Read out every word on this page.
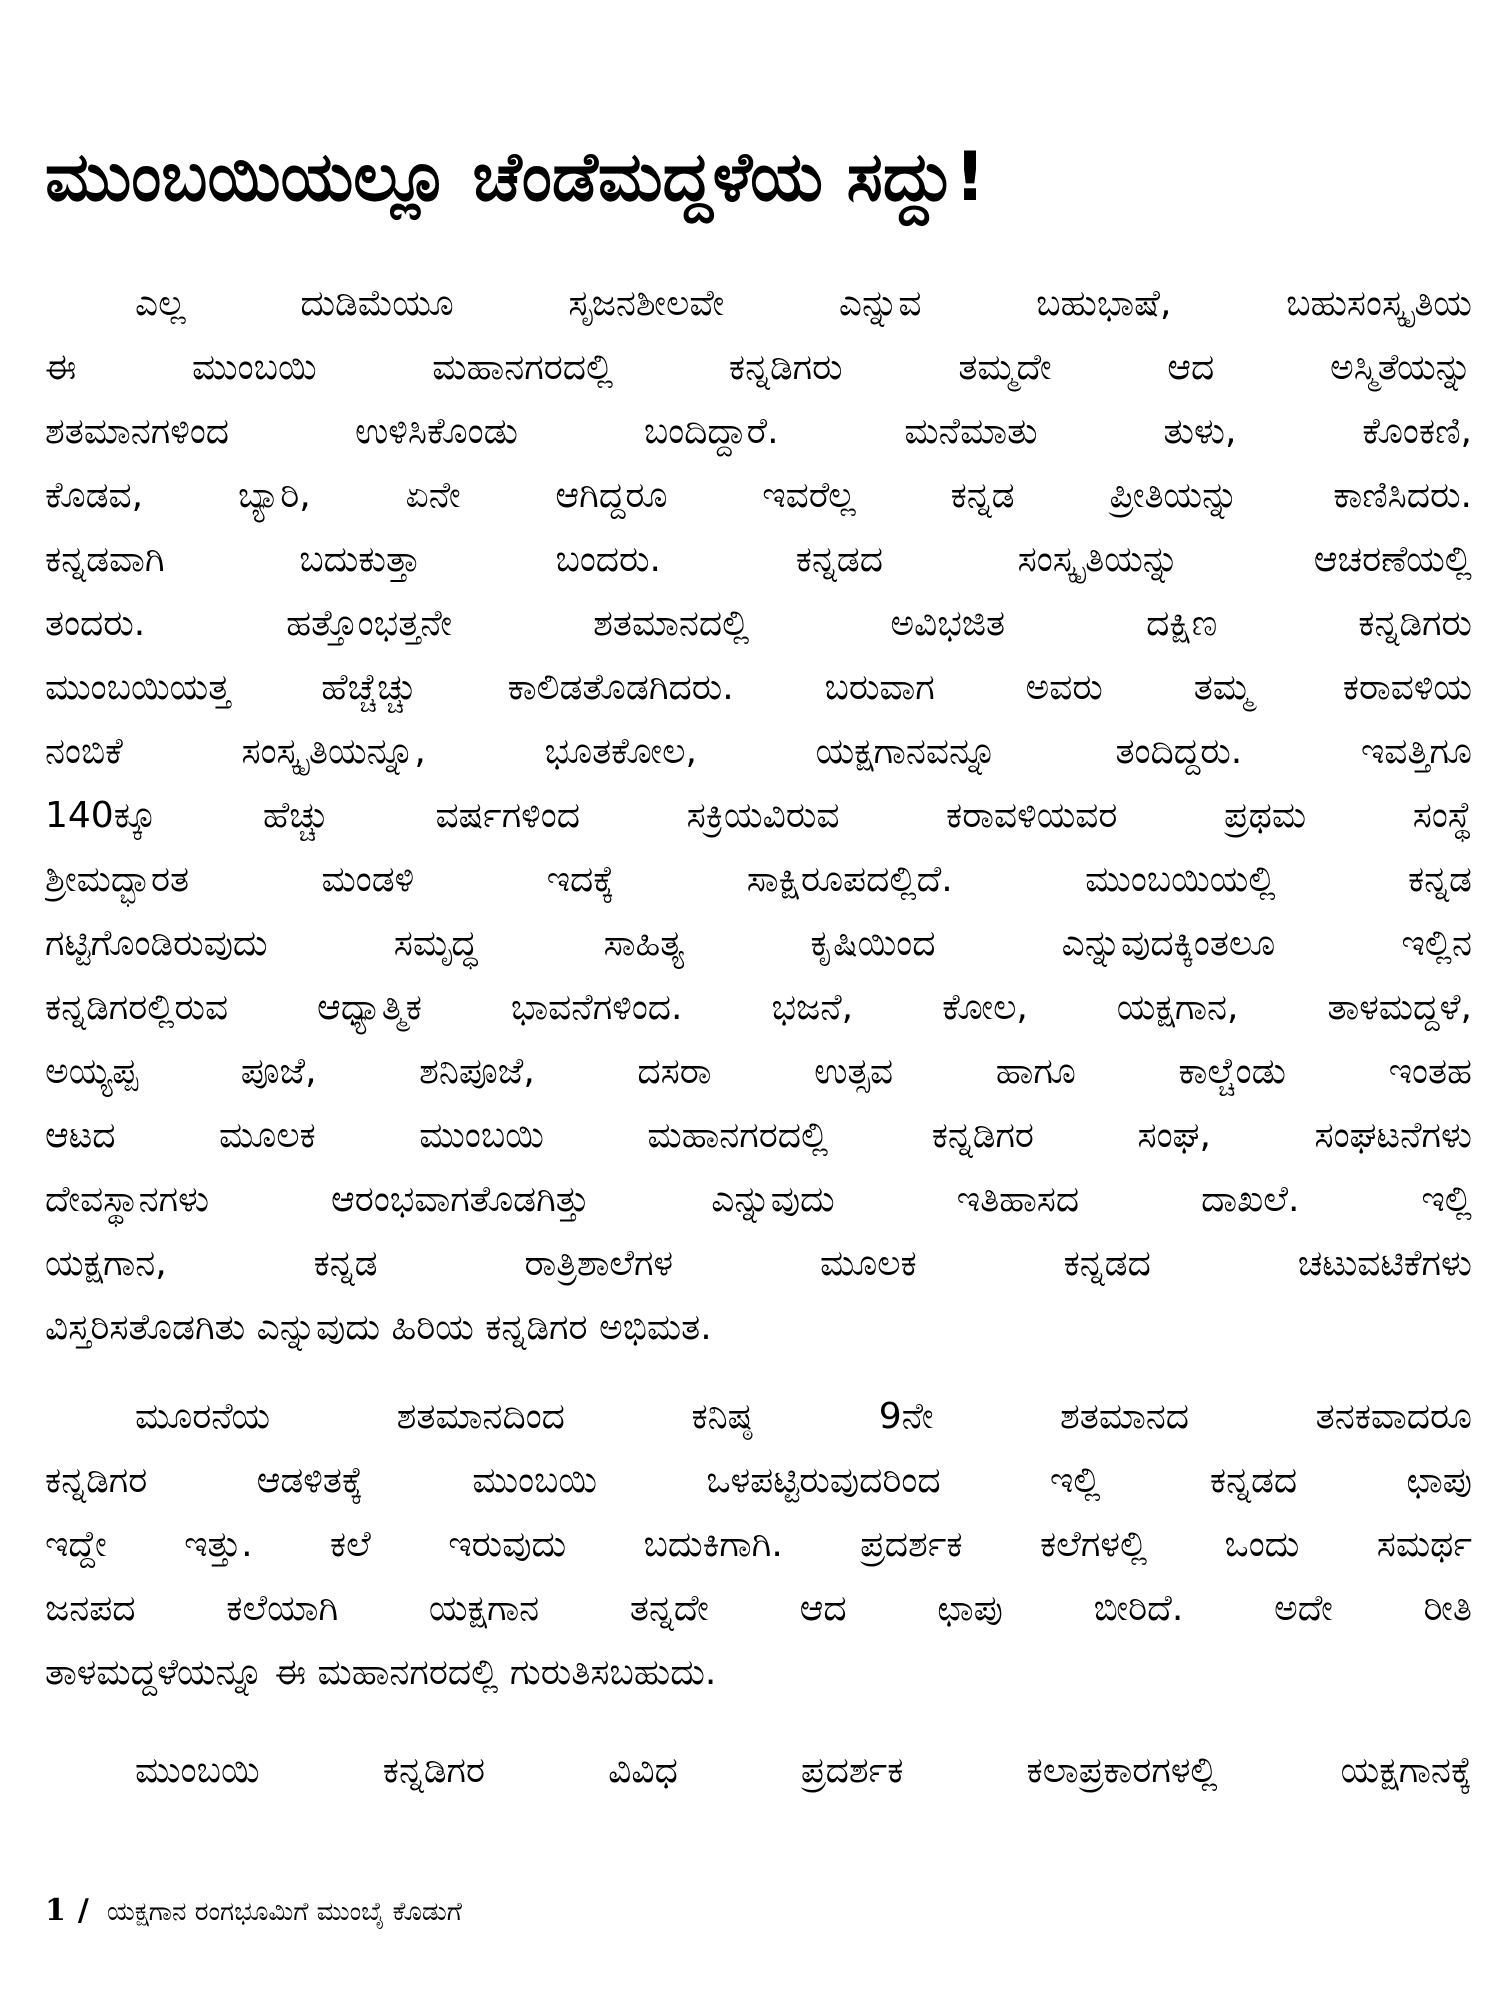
ಮುಂಬಯಿಯಲ್ಲೂ ಚೆಂಡೆಮದ್ದಳೆಯ ಸದ್ದು!
ಎಲ್ಲ ದುಡಿಮೆಯೂ ಸೃಜನಶೀಲವೇ ಎನ್ನುವ ಬಹುಭಾಷೆ, ಬಹುಸಂಸ್ಕೃತಿಯ
ಈ ಮುಂಬಯಿ ಮಹಾನಗರದಲ್ಲಿ ಕನ್ನಡಿಗರು ತಮ್ಮದೇ ಆದ ಅಸ್ಮಿತೆಯನ್ನು
ಶತಮಾನಗಳಿಂದ ಉಳಿಸಿಕೊಂಡು ಬಂದಿದ್ದಾರೆ. ಮನೆಮಾತು ತುಳು, ಕೊಂಕಣಿ,
ಕೊಡವ, ಬ್ಯಾರಿ, ಏನೇ ಆಗಿದ್ದರೂ ಇವರೆಲ್ಲ ಕನ್ನಡ ಪ್ರೀತಿಯನ್ನು ಕಾಣಿಸಿದರು.
ಕನ್ನಡವಾಗಿ ಬದುಕುತ್ತಾ ಬಂದರು. ಕನ್ನಡದ ಸಂಸ್ಕೃತಿಯನ್ನು ಆಚರಣೆಯಲ್ಲಿ
ತಂದರು. ಹತ್ತೊಂಭತ್ತನೇ ಶತಮಾನದಲ್ಲಿ ಅವಿಭಜಿತ ದಕ್ಷಿಣ ಕನ್ನಡಿಗರು
ಮುಂಬಯಿಯತ್ತ ಹೆಚ್ಚೆಚ್ಚು ಕಾಲಿಡತೊಡಗಿದರು. ಬರುವಾಗ ಅವರು ತಮ್ಮ ಕರಾವಳಿಯ
ನಂಬಿಕೆ ಸಂಸ್ಕೃತಿಯನ್ನೂ, ಭೂತಕೋಲ, ಯಕ್ಷಗಾನವನ್ನೂ ತಂದಿದ್ದರು. ಇವತ್ತಿಗೂ
140ಕ್ಕೂ ಹೆಚ್ಚು ವರ್ಷಗಳಿಂದ ಸಕ್ರಿಯವಿರುವ ಕರಾವಳಿಯವರ ಪ್ರಥಮ ಸಂಸ್ಥೆ
ಶ್ರೀಮದ್ಭಾರತ ಮಂಡಳಿ ಇದಕ್ಕೆ ಸಾಕ್ಷಿರೂಪದಲ್ಲಿದೆ. ಮುಂಬಯಿಯಲ್ಲಿ ಕನ್ನಡ
ಗಟ್ಟಿಗೊಂಡಿರುವುದು ಸಮೃದ್ಧ ಸಾಹಿತ್ಯ ಕೃಷಿಯಿಂದ ಎನ್ನುವುದಕ್ಕಿಂತಲೂ ಇಲ್ಲಿನ
ಕನ್ನಡಿಗರಲ್ಲಿರುವ ಆಧ್ಯಾತ್ಮಿಕ ಭಾವನೆಗಳಿಂದ. ಭಜನೆ, ಕೋಲ, ಯಕ್ಷಗಾನ, ತಾಳಮದ್ದಳೆ,
ಅಯ್ಯಪ್ಪ ಪೂಜೆ, ಶನಿಪೂಜೆ, ದಸರಾ ಉತ್ಸವ ಹಾಗೂ ಕಾಲ್ಚೆಂಡು ಇಂತಹ
ಆಟದ ಮೂಲಕ ಮುಂಬಯಿ ಮಹಾನಗರದಲ್ಲಿ ಕನ್ನಡಿಗರ ಸಂಘ, ಸಂಘಟನೆಗಳು
ದೇವಸ್ಥಾನಗಳು ಆರಂಭವಾಗತೊಡಗಿತ್ತು ಎನ್ನುವುದು ಇತಿಹಾಸದ ದಾಖಲೆ. ಇಲ್ಲಿ
ಯಕ್ಷಗಾನ, ಕನ್ನಡ ರಾತ್ರಿಶಾಲೆಗಳ ಮೂಲಕ ಕನ್ನಡದ ಚಟುವಟಿಕೆಗಳು
ವಿಸ್ತರಿಸತೊಡಗಿತು ಎನ್ನುವುದು ಹಿರಿಯ ಕನ್ನಡಿಗರ ಅಭಿಮತ.
ಮೂರನೆಯ ಶತಮಾನದಿಂದ ಕನಿಷ್ಠ 9ನೇ ಶತಮಾನದ ತನಕವಾದರೂ
ಕನ್ನಡಿಗರ ಆಡಳಿತಕ್ಕೆ ಮುಂಬಯಿ ಒಳಪಟ್ಟಿರುವುದರಿಂದ ಇಲ್ಲಿ ಕನ್ನಡದ ಛಾಪು
ಇದ್ದೇ ಇತ್ತು. ಕಲೆ ಇರುವುದು ಬದುಕಿಗಾಗಿ. ಪ್ರದರ್ಶಕ ಕಲೆಗಳಲ್ಲಿ ಒಂದು ಸಮರ್ಥ
ಜನಪದ ಕಲೆಯಾಗಿ ಯಕ್ಷಗಾನ ತನ್ನದೇ ಆದ ಛಾಪು ಬೀರಿದೆ. ಅದೇ ರೀತಿ
ತಾಳಮದ್ದಳೆಯನ್ನೂ ಈ ಮಹಾನಗರದಲ್ಲಿ ಗುರುತಿಸಬಹುದು.
ಮುಂಬಯಿ ಕನ್ನಡಿಗರ ವಿವಿಧ ಪ್ರದರ್ಶಕ ಕಲಾಪ್ರಕಾರಗಳಲ್ಲಿ ಯಕ್ಷಗಾನಕ್ಕೆ
1 / ಯಕ್ಷಗಾನ ರಂಗಭೂಮಿಗೆ ಮುಂಬೈ ಕೊಡುಗೆ
